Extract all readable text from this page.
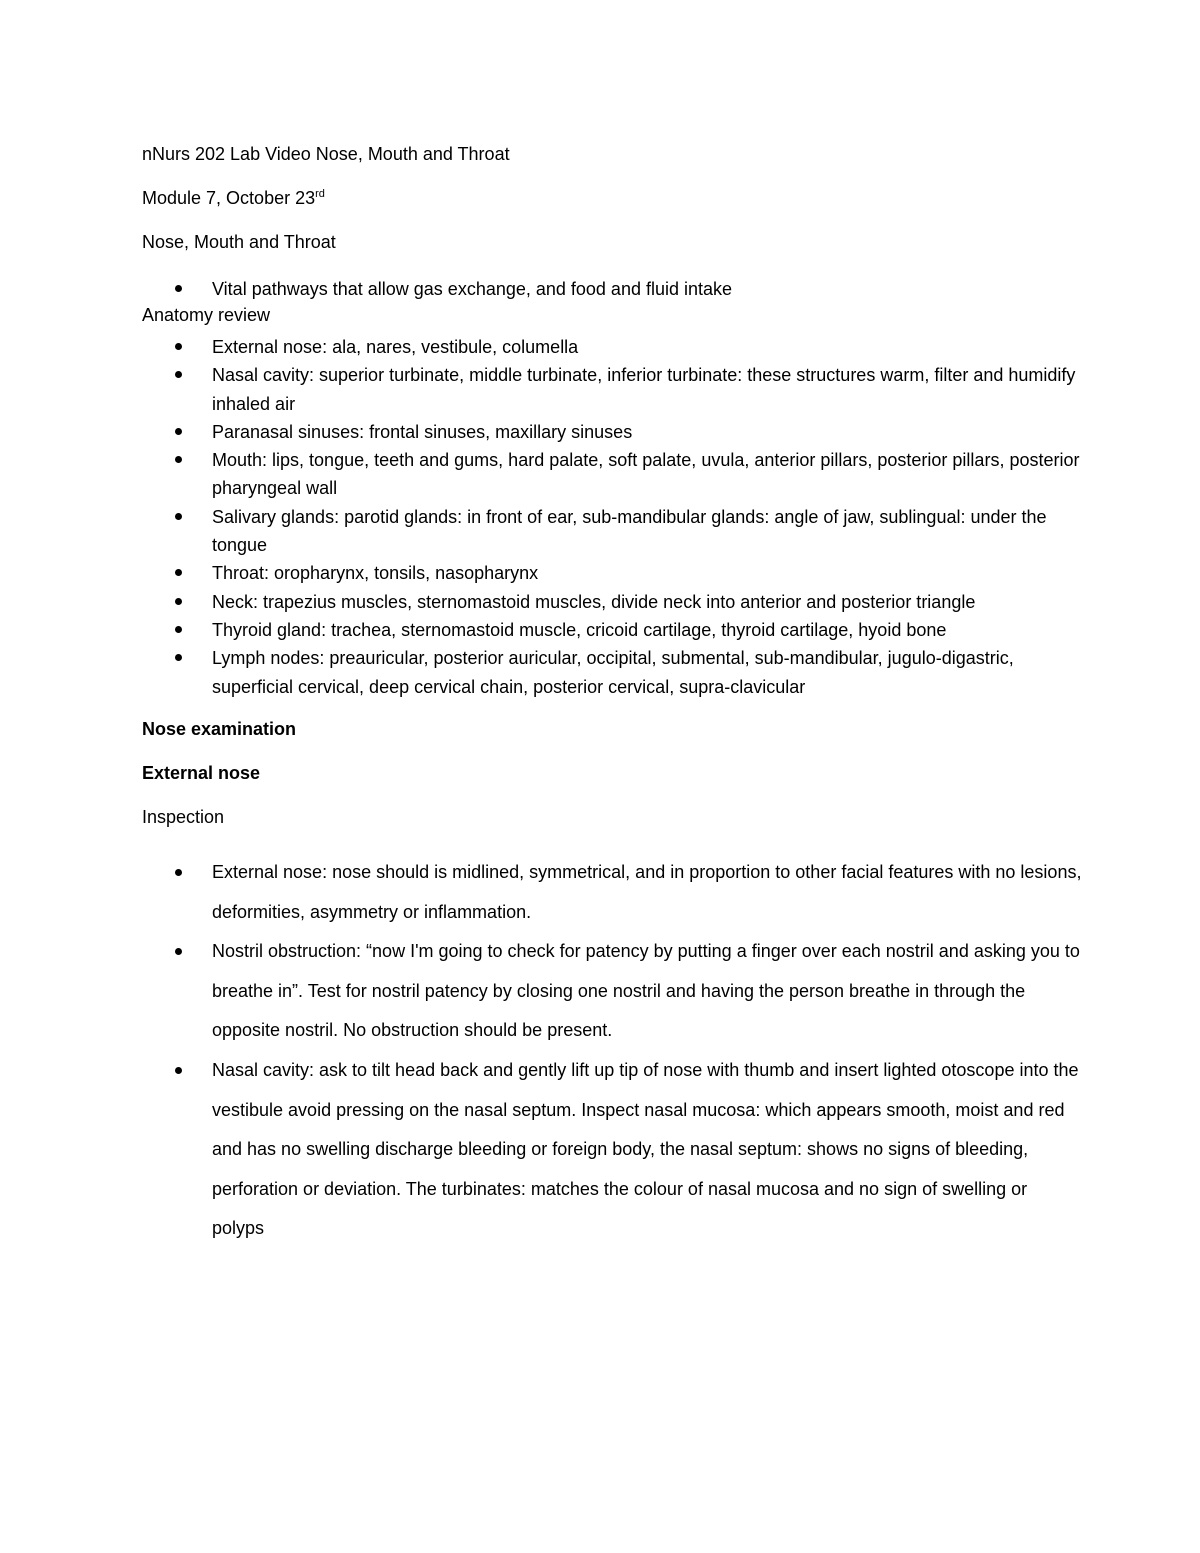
nNurs 202 Lab Video Nose, Mouth and Throat

Module 7, October 23rd

Nose, Mouth and Throat

Vital pathways that allow gas exchange, and food and fluid intake

Anatomy review

External nose: ala, nares, vestibule, columella
Nasal cavity: superior turbinate, middle turbinate, inferior turbinate: these structures warm, filter and humidify inhaled air
Paranasal sinuses: frontal sinuses, maxillary sinuses
Mouth: lips, tongue, teeth and gums, hard palate, soft palate, uvula, anterior pillars, posterior pillars, posterior pharyngeal wall
Salivary glands: parotid glands: in front of ear, sub-mandibular glands: angle of jaw, sublingual: under the tongue
Throat: oropharynx, tonsils, nasopharynx
Neck: trapezius muscles, sternomastoid muscles, divide neck into anterior and posterior triangle
Thyroid gland: trachea, sternomastoid muscle, cricoid cartilage, thyroid cartilage, hyoid bone
Lymph nodes: preauricular, posterior auricular, occipital, submental, sub-mandibular, jugulo-digastric, superficial cervical, deep cervical chain, posterior cervical, supra-clavicular

Nose examination

External nose

Inspection

External nose: nose should is midlined, symmetrical, and in proportion to other facial features with no lesions, deformities, asymmetry or inflammation.
Nostril obstruction: “now I'm going to check for patency by putting a finger over each nostril and asking you to breathe in”. Test for nostril patency by closing one nostril and having the person breathe in through the opposite nostril. No obstruction should be present.
Nasal cavity: ask to tilt head back and gently lift up tip of nose with thumb and insert lighted otoscope into the vestibule avoid pressing on the nasal septum. Inspect nasal mucosa: which appears smooth, moist and red and has no swelling discharge bleeding or foreign body, the nasal septum: shows no signs of bleeding, perforation or deviation. The turbinates: matches the colour of nasal mucosa and no sign of swelling or polyps
